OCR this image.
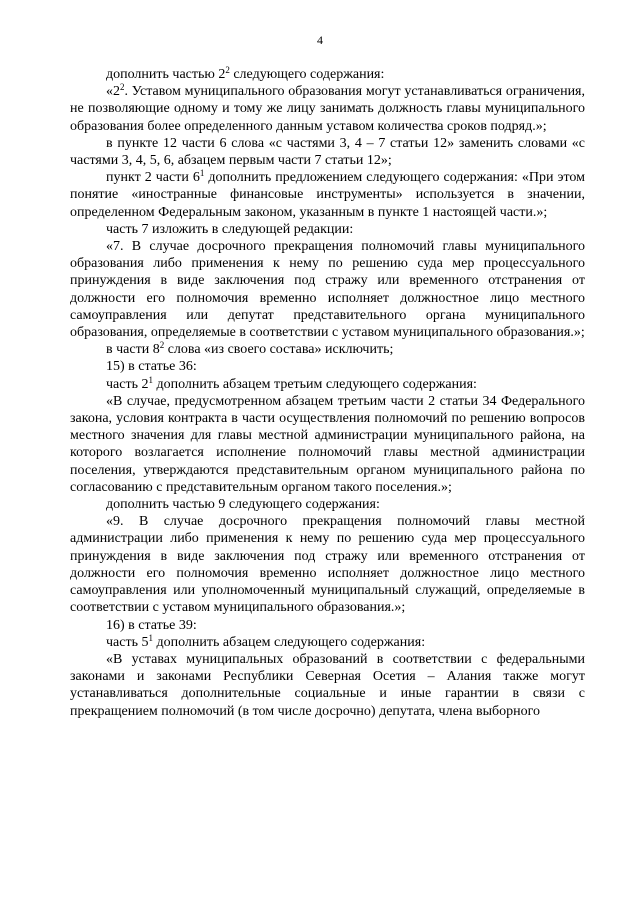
4

дополнить частью $2^2$ следующего содержания:

«$2^2$. Уставом муниципального образования могут устанавливаться ограничения, не позволяющие одному и тому же лицу занимать должность главы муниципального образования более определенного данным уставом количества сроков подряд.»;

в пункте 12 части 6 слова «с частями 3, 4 – 7 статьи 12» заменить словами «с частями 3, 4, 5, 6, абзацем первым части 7 статьи 12»;

пункт 2 части $6^1$ дополнить предложением следующего содержания: «При этом понятие «иностранные финансовые инструменты» используется в значении, определенном Федеральным законом, указанным в пункте 1 настоящей части.»;

часть 7 изложить в следующей редакции:

«7. В случае досрочного прекращения полномочий главы муниципального образования либо применения к нему по решению суда мер процессуального принуждения в виде заключения под стражу или временного отстранения от должности его полномочия временно исполняет должностное лицо местного самоуправления или депутат представительного органа муниципального образования, определяемые в соответствии с уставом муниципального образования.»;

в части $8^2$ слова «из своего состава» исключить;

15) в статье 36:

часть $2^1$ дополнить абзацем третьим следующего содержания:

«В случае, предусмотренном абзацем третьим части 2 статьи 34 Федерального закона, условия контракта в части осуществления полномочий по решению вопросов местного значения для главы местной администрации муниципального района, на которого возлагается исполнение полномочий главы местной администрации поселения, утверждаются представительным органом муниципального района по согласованию с представительным органом такого поселения.»;

дополнить частью 9 следующего содержания:

«9. В случае досрочного прекращения полномочий главы местной администрации либо применения к нему по решению суда мер процессуального принуждения в виде заключения под стражу или временного отстранения от должности его полномочия временно исполняет должностное лицо местного самоуправления или уполномоченный муниципальный служащий, определяемые в соответствии с уставом муниципального образования.»;

16) в статье 39:

часть $5^1$ дополнить абзацем следующего содержания:

«В уставах муниципальных образований в соответствии с федеральными законами и законами Республики Северная Осетия – Алания также могут устанавливаться дополнительные социальные и иные гарантии в связи с прекращением полномочий (в том числе досрочно) депутата, члена выборного
